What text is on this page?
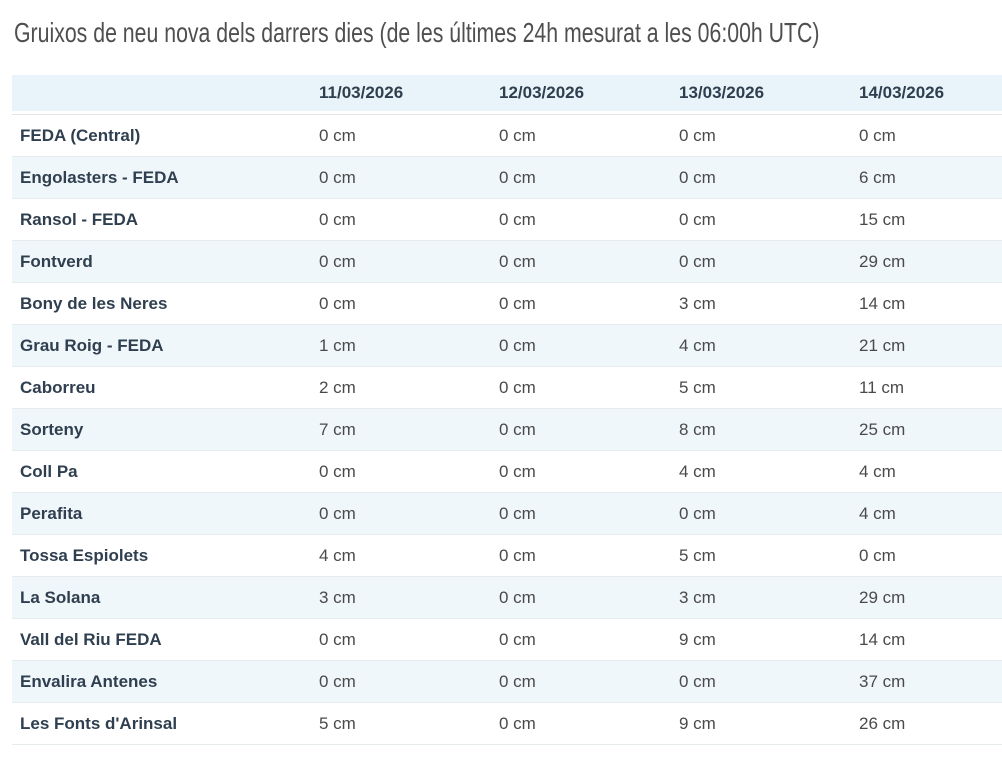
Gruixos de neu nova dels darrers dies (de les últimes 24h mesurat a les 06:00h UTC)
	11/03/2026	12/03/2026	13/03/2026	14/03/2026
FEDA (Central)	0 cm	0 cm	0 cm	0 cm
Engolasters - FEDA	0 cm	0 cm	0 cm	6 cm
Ransol - FEDA	0 cm	0 cm	0 cm	15 cm
Fontverd	0 cm	0 cm	0 cm	29 cm
Bony de les Neres	0 cm	0 cm	3 cm	14 cm
Grau Roig - FEDA	1 cm	0 cm	4 cm	21 cm
Caborreu	2 cm	0 cm	5 cm	11 cm
Sorteny	7 cm	0 cm	8 cm	25 cm
Coll Pa	0 cm	0 cm	4 cm	4 cm
Perafita	0 cm	0 cm	0 cm	4 cm
Tossa Espiolets	4 cm	0 cm	5 cm	0 cm
La Solana	3 cm	0 cm	3 cm	29 cm
Vall del Riu FEDA	0 cm	0 cm	9 cm	14 cm
Envalira Antenes	0 cm	0 cm	0 cm	37 cm
Les Fonts d'Arinsal	5 cm	0 cm	9 cm	26 cm
